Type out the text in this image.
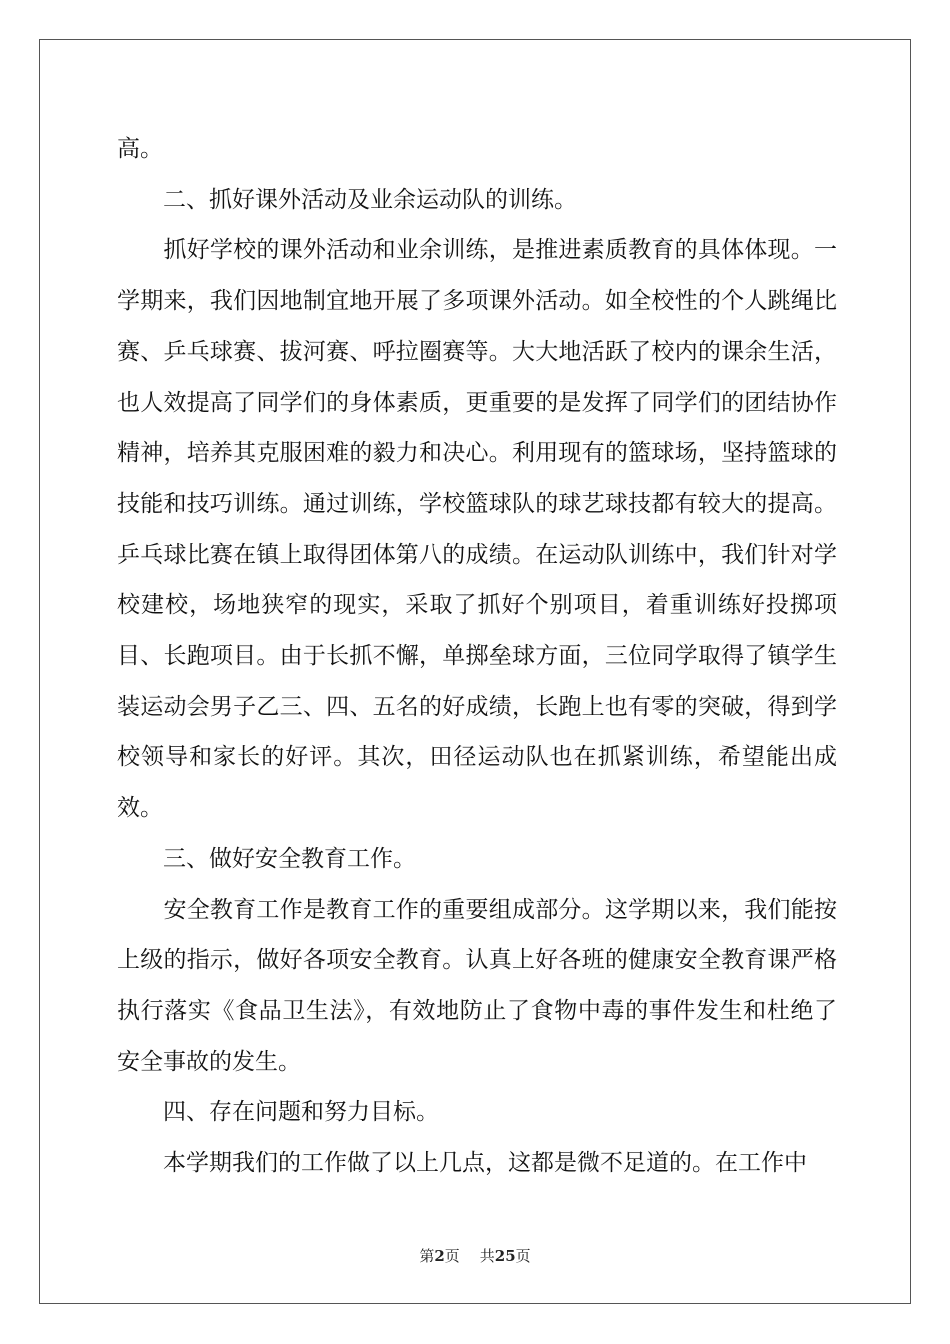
高。

　　二、抓好课外活动及业余运动队的训练。

　　抓好学校的课外活动和业余训练，是推进素质教育的具体体现。一学期来，我们因地制宜地开展了多项课外活动。如全校性的个人跳绳比赛、乒乓球赛、拔河赛、呼拉圈赛等。大大地活跃了校内的课余生活，也人效提高了同学们的身体素质，更重要的是发挥了同学们的团结协作精神，培养其克服困难的毅力和决心。利用现有的篮球场，坚持篮球的技能和技巧训练。通过训练，学校篮球队的球艺球技都有较大的提高。乒乓球比赛在镇上取得团体第八的成绩。在运动队训练中，我们针对学校建校，场地狭窄的现实，采取了抓好个别项目，着重训练好投掷项目、长跑项目。由于长抓不懈，单掷垒球方面，三位同学取得了镇学生装运动会男子乙三、四、五名的好成绩，长跑上也有零的突破，得到学校领导和家长的好评。其次，田径运动队也在抓紧训练，希望能出成效。

　　三、做好安全教育工作。

　　安全教育工作是教育工作的重要组成部分。这学期以来，我们能按上级的指示，做好各项安全教育。认真上好各班的健康安全教育课严格执行落实《食品卫生法》，有效地防止了食物中毒的事件发生和杜绝了安全事故的发生。

　　四、存在问题和努力目标。

　　本学期我们的工作做了以上几点，这都是微不足道的。在工作中

第2页 共25页
